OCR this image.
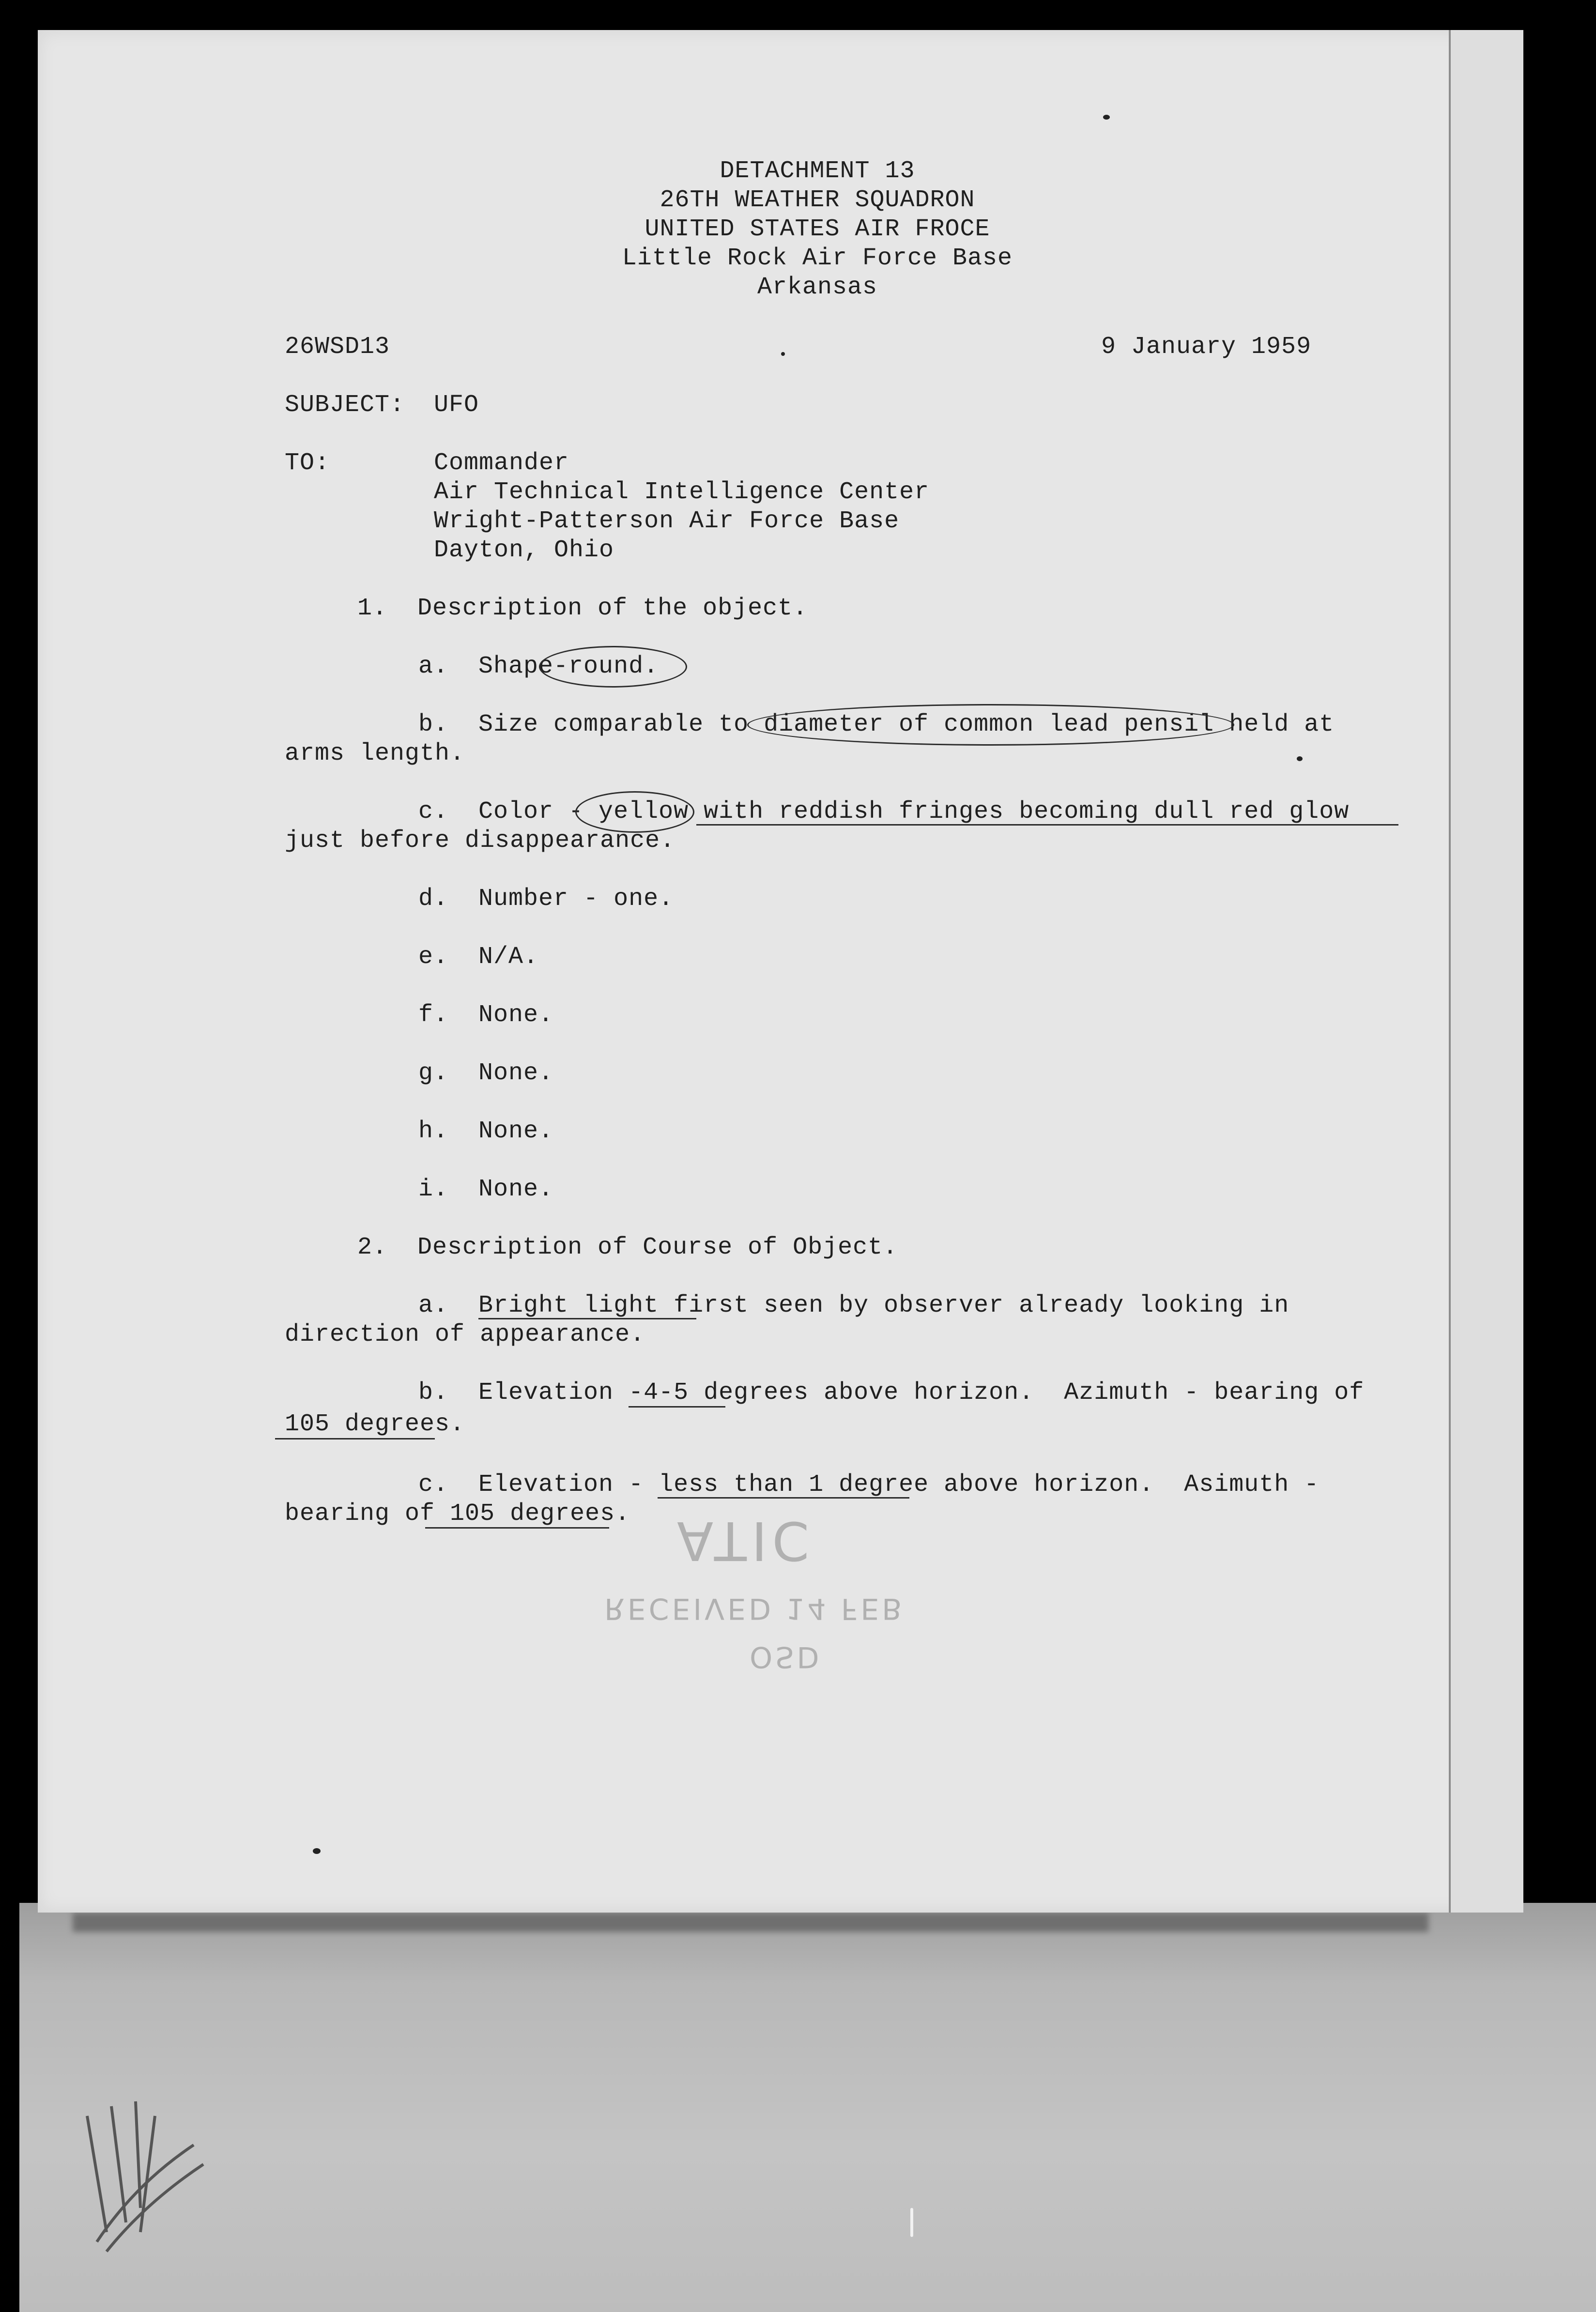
DETACHMENT 13
26TH WEATHER SQUADRON
UNITED STATES AIR FROCE
Little Rock Air Force Base
Arkansas
26WSD13	9 January 1959
SUBJECT: UFO
TO:	Commander
Air Technical Intelligence Center
Wright-Patterson Air Force Base
Dayton, Ohio
1.  Description of the object.
a.  Shape-round.
b.  Size comparable to diameter of common lead pensil held at
arms length.
c.  Color - yellow with reddish fringes becoming dull red glow
just before disappearance.
d.  Number - one.
e.  N/A.
f.  None.
g.  None.
h.  None.
i.  None.
2.  Description of Course of Object.
a.  Bright light first seen by observer already looking in
direction of appearance.
b.  Elevation -4-5 degrees above horizon.  Azimuth - bearing of
105 degrees.
c.  Elevation - less than 1 degree above horizon.  Asimuth -
bearing of 105 degrees. ATIC
RECEIVED 14 FEB
OSD
